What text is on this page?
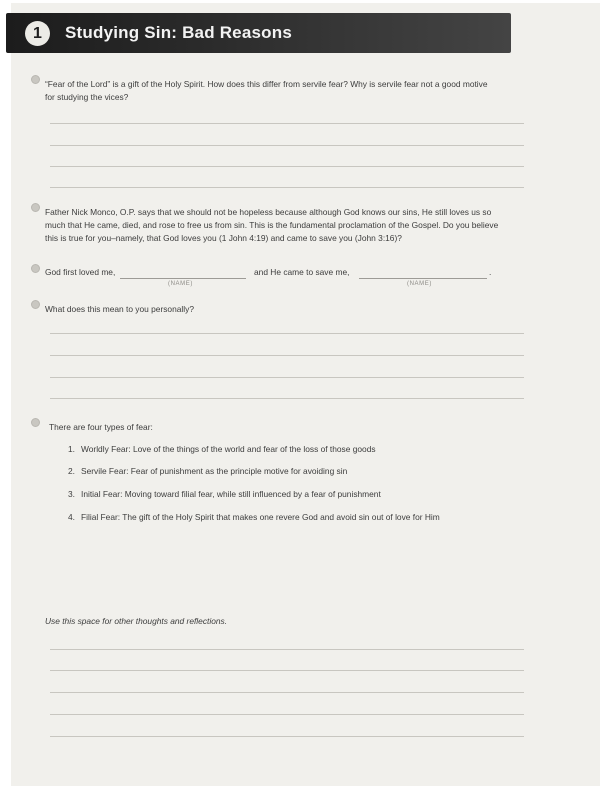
1	Studying Sin: Bad Reasons
“Fear of the Lord” is a gift of the Holy Spirit. How does this differ from servile fear? Why is servile fear not a good motive
for studying the vices?
Father Nick Monco, O.P. says that we should not be hopeless because although God knows our sins, He still loves us so
much that He came, died, and rose to free us from sin. This is the fundamental proclamation of the Gospel. Do you believe
this is true for you–namely, that God loves you (1 John 4:19) and came to save you (John 3:16)?
God first loved me,
(NAME)
and He came to save me,
(NAME)
.
What does this mean to you personally?
There are four types of fear:
1. Worldly Fear: Love of the things of the world and fear of the loss of those goods
2. Servile Fear: Fear of punishment as the principle motive for avoiding sin
3. Initial Fear: Moving toward filial fear, while still influenced by a fear of punishment
4. Filial Fear: The gift of the Holy Spirit that makes one revere God and avoid sin out of love for Him
Use this space for other thoughts and reflections.
